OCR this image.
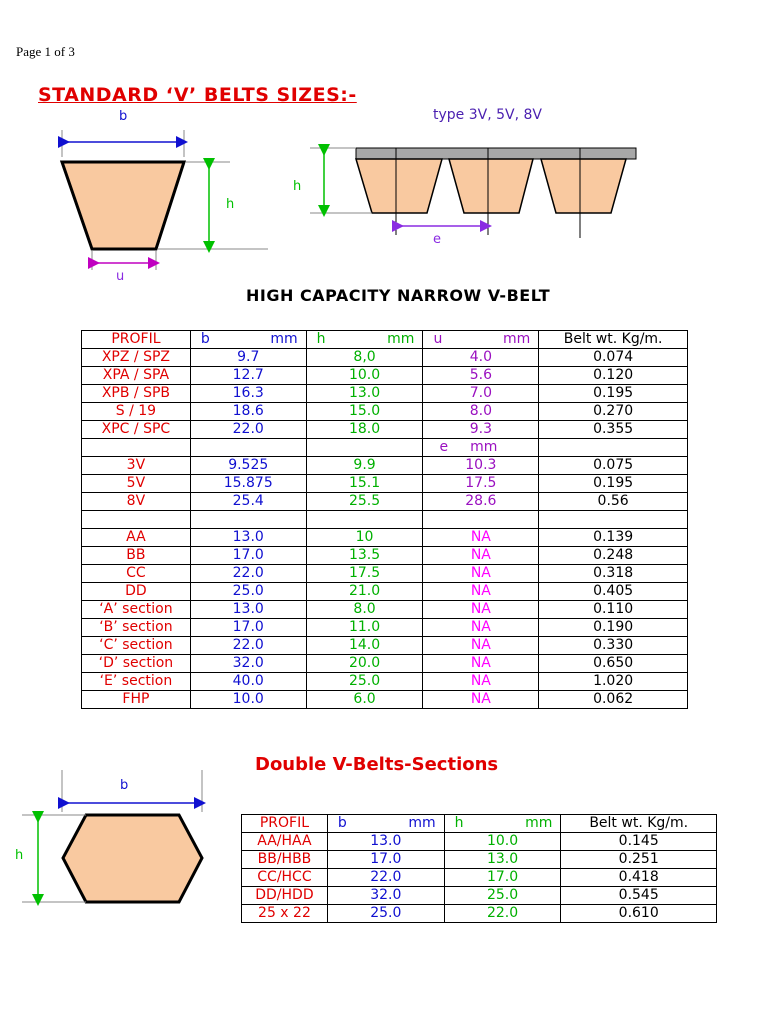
Page 1 of 3
STANDARD ‘V’ BELTS SIZES:-
type 3V, 5V, 8V
b
h
u
h
e
HIGH CAPACITY NARROW V-BELT
PROFIL	b mm	h mm	u mm	Belt wt. Kg/m.
XPZ / SPZ	9.7	8,0	4.0	0.074
XPA / SPA	12.7	10.0	5.6	0.120
XPB / SPB	16.3	13.0	7.0	0.195
S / 19	18.6	15.0	8.0	0.270
XPC / SPC	22.0	18.0	9.3	0.355
			e mm	
3V	9.525	9.9	10.3	0.075
5V	15.875	15.1	17.5	0.195
8V	25.4	25.5	28.6	0.56

AA	13.0	10	NA	0.139
BB	17.0	13.5	NA	0.248
CC	22.0	17.5	NA	0.318
DD	25.0	21.0	NA	0.405
‘A’ section	13.0	8.0	NA	0.110
‘B’ section	17.0	11.0	NA	0.190
‘C’ section	22.0	14.0	NA	0.330
‘D’ section	32.0	20.0	NA	0.650
‘E’ section	40.0	25.0	NA	1.020
FHP	10.0	6.0	NA	0.062
b
h
Double V-Belts-Sections
PROFIL	b mm	h mm	Belt wt. Kg/m.
AA/HAA	13.0	10.0	0.145
BB/HBB	17.0	13.0	0.251
CC/HCC	22.0	17.0	0.418
DD/HDD	32.0	25.0	0.545
25 x 22	25.0	22.0	0.610
